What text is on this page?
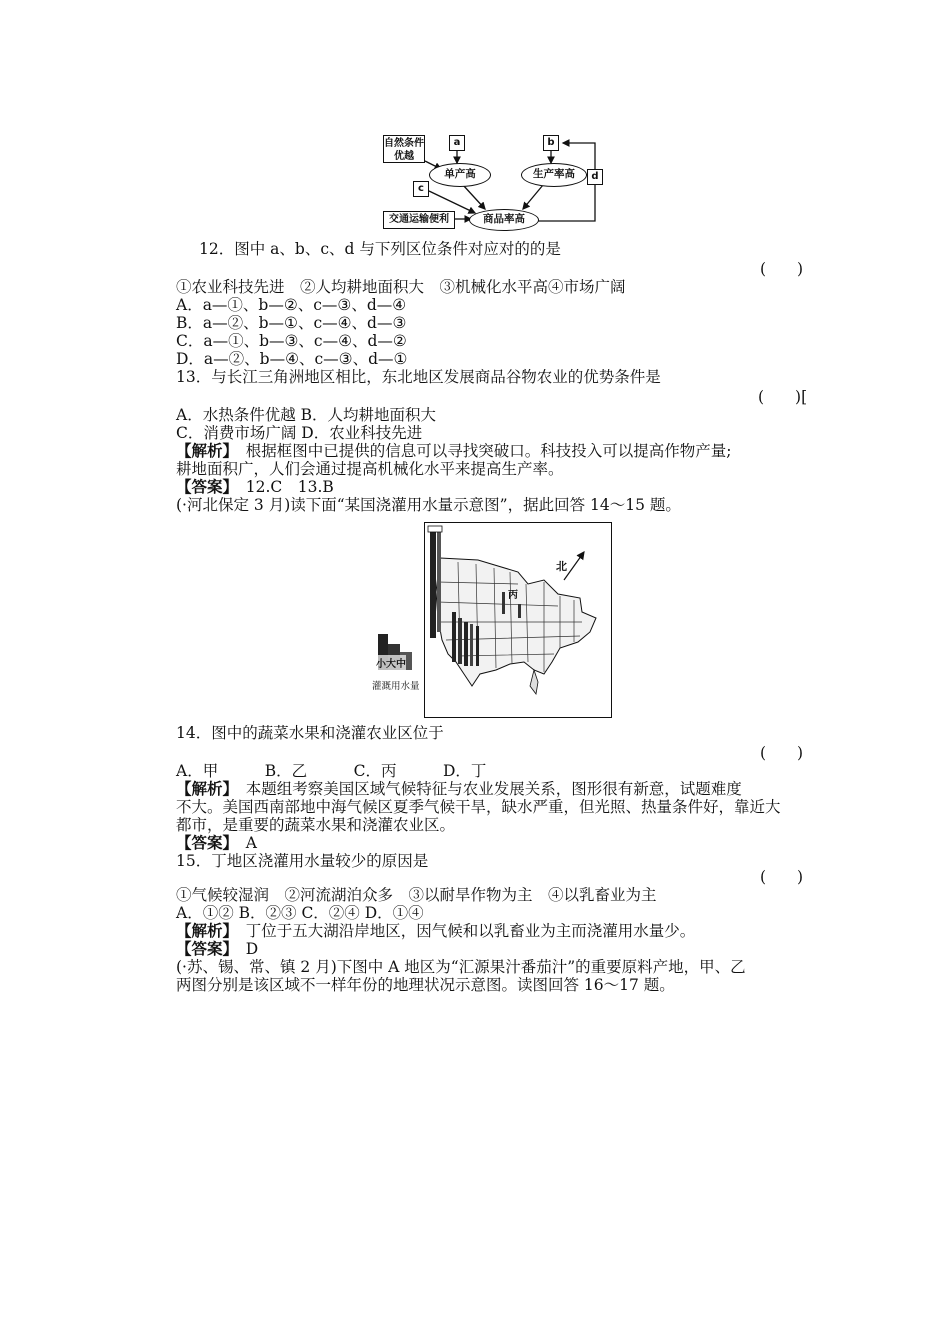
自然条件优越
a	b
c
d
交通运输便利
单产高	生产率高
商品率高
12．图中 a、b、c、d 与下列区位条件对应对的的是
(　　)
①农业科技先进　②人均耕地面积大　③机械化水平高④市场广阔
A．a—①、b—②、c—③、d—④
B．a—②、b—①、c—④、d—③
C．a—①、b—③、c—④、d—②
D．a—②、b—④、c—③、d—①
13．与长江三角洲地区相比，东北地区发展商品谷物农业的优势条件是
(　　)[
A．水热条件优越 B．人均耕地面积大
C．消费市场广阔 D．农业科技先进
【解析】　根据框图中已提供的信息可以寻找突破口。科技投入可以提高作物产量;
耕地面积广，人们会通过提高机械化水平来提高生产率。
【答案】　12.C　13.B
(·河北保定 3 月)读下面“某国浇灌用水量示意图”，据此回答 14～15 题。
北
丙
小大中
灌溉用水量
14．图中的蔬菜水果和浇灌农业区位于
(　　)
A．甲　　　B．乙　　　C．丙　　　D．丁
【解析】　本题组考察美国区域气候特征与农业发展关系，图形很有新意，试题难度
不大。美国西南部地中海气候区夏季气候干旱，缺水严重，但光照、热量条件好，靠近大
都市，是重要的蔬菜水果和浇灌农业区。
【答案】　A
15．丁地区浇灌用水量较少的原因是
(　　)
①气候较湿润　②河流湖泊众多　③以耐旱作物为主　④以乳畜业为主
A．①② B．②③ C．②④ D．①④
【解析】　丁位于五大湖沿岸地区，因气候和以乳畜业为主而浇灌用水量少。
【答案】　D
(·苏、锡、常、镇 2 月)下图中 A 地区为“汇源果汁番茄汁”的重要原料产地，甲、乙
两图分别是该区域不一样年份的地理状况示意图。读图回答 16～17 题。
